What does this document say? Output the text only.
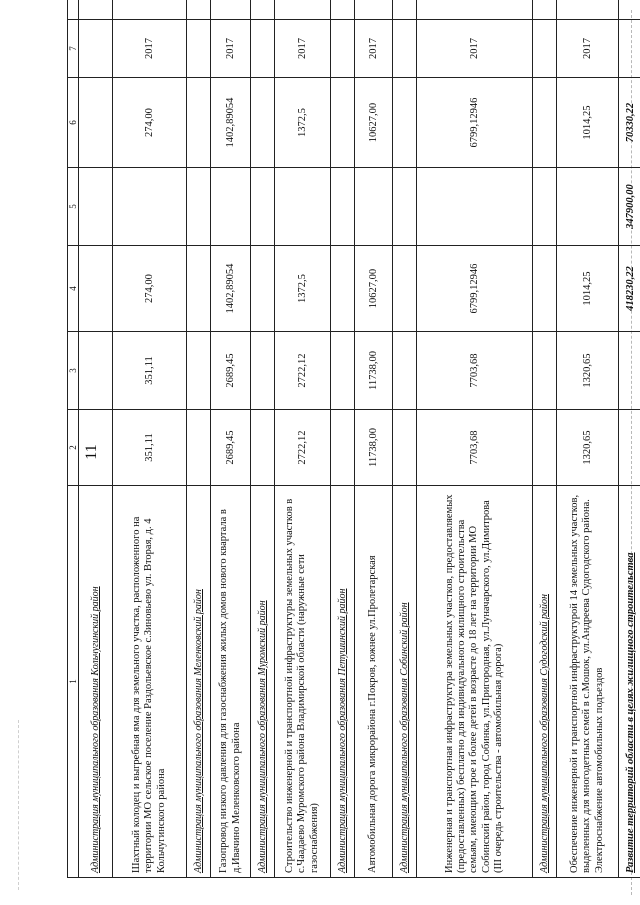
11
1	2	3	4	5	6	7	
Администрация муниципального образования Кольчугинский район							
Шахтный колодец и выгребная яма для земельного участка, расположенного на территории МО сельское поселение Раздольевское с.Зиновьево ул. Вторая, д. 4 Кольчугинского района	351,11	351,11	274,00		274,00	2017	
Администрация муниципального образования Меленковский район							
Газопровод низкого давления для газоснабжения жилых домов нового квартала в д.Ивачино Меленковского района	2689,45	2689,45	1402,89054		1402,89054	2017	
Администрация муниципального образования Муромский район							
Строительство инженерной и транспортной инфраструктуры земельных участков в с.Чаадаево Муромского района Владимирской области (наружные сети газоснабжения)	2722,12	2722,12	1372,5		1372,5	2017	
Администрация муниципального образования Петушинский район							
Автомобильная дорога микрорайона г.Покров, южнее ул.Пролетарская	11738,00	11738,00	10627,00		10627,00	2017	
Администрация муниципального образования Собинский район							
Инженерная и транспортная инфраструктура земельных участков, предоставляемых (предоставленных) бесплатно для индивидуального жилищного строительства семьям, имеющим трое и более детей в возрасте до 18 лет на территории МО Собинский район, город Собинка, ул.Пригородная, ул.Луначарского, ул.Димитрова (III очередь строительства - автомобильная дорога)	7703,68	7703,68	6799,12946		6799,12946	2017	
Администрация муниципального образования Судогодский район							
Обеспечение инженерной и транспортной инфраструктурой 14 земельных участков, выделенных для многодетных семей в с.Мошок, ул.Андреева Судогодского района. Электроснабжение автомобильных подъездов	1320,65	1320,65	1014,25		1014,25	2017	
Развитие территорий области в целях жилищного строительства			418230,22	347900,00	70330,22		
